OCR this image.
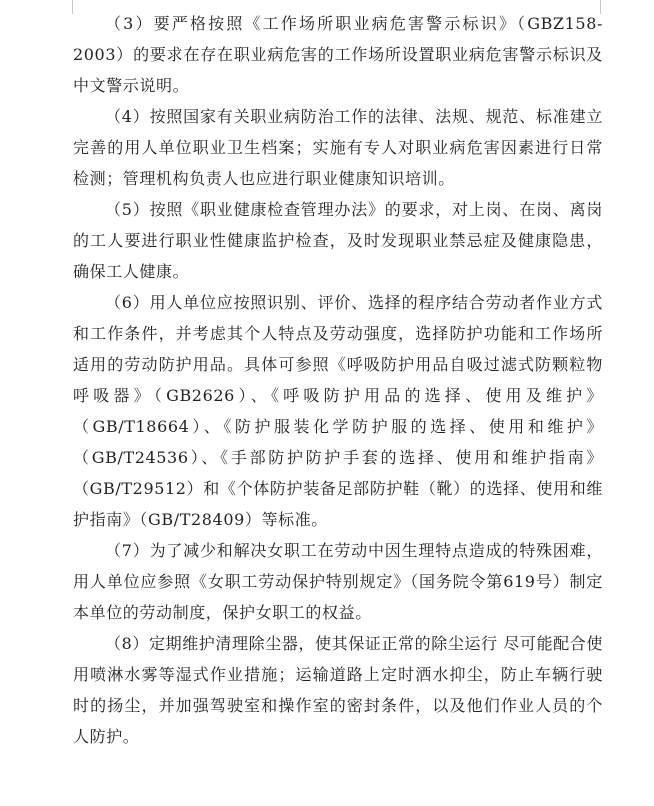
（3）要严格按照《工作场所职业病危害警示标识》（GBZ158-2003）的要求在存在职业病危害的工作场所设置职业病危害警示标识及中文警示说明。

（4）按照国家有关职业病防治工作的法律、法规、规范、标准建立完善的用人单位职业卫生档案；实施有专人对职业病危害因素进行日常检测；管理机构负责人也应进行职业健康知识培训。

（5）按照《职业健康检查管理办法》的要求，对上岗、在岗、离岗的工人要进行职业性健康监护检查，及时发现职业禁忌症及健康隐患，确保工人健康。

（6）用人单位应按照识别、评价、选择的程序结合劳动者作业方式和工作条件，并考虑其个人特点及劳动强度，选择防护功能和工作场所适用的劳动防护用品。具体可参照《呼吸防护用品自吸过滤式防颗粒物呼吸器》（GB2626）、《呼吸防护用品的选择、使用及维护》（GB/T18664）、《防护服装化学防护服的选择、使用和维护》（GB/T24536）、《手部防护防护手套的选择、使用和维护指南》（GB/T29512）和《个体防护装备足部防护鞋（靴）的选择、使用和维护指南》（GB/T28409）等标准。

（7）为了减少和解决女职工在劳动中因生理特点造成的特殊困难，用人单位应参照《女职工劳动保护特别规定》（国务院令第619号）制定本单位的劳动制度，保护女职工的权益。

（8）定期维护清理除尘器，使其保证正常的除尘运行 尽可能配合使用喷淋水雾等湿式作业措施；运输道路上定时洒水抑尘，防止车辆行驶时的扬尘，并加强驾驶室和操作室的密封条件，以及他们作业人员的个人防护。
